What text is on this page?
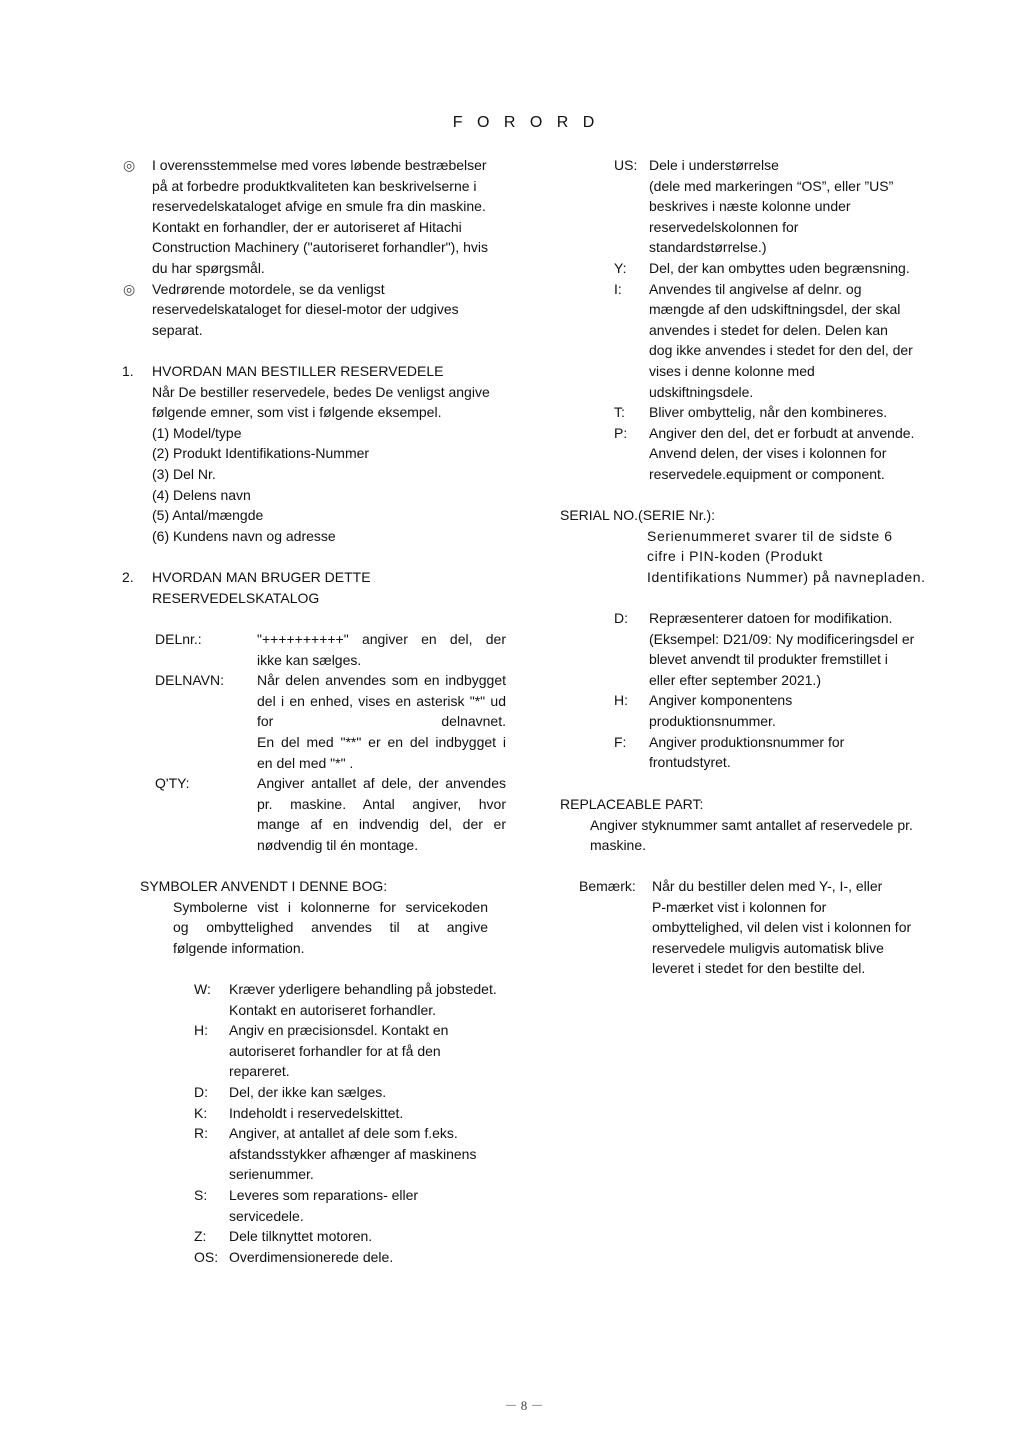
F O R O R D
◎ I overensstemmelse med vores løbende bestræbelser
på at forbedre produktkvaliteten kan beskrivelserne i
reservedelskataloget afvige en smule fra din maskine.
Kontakt en forhandler, der er autoriseret af Hitachi
Construction Machinery ("autoriseret forhandler"), hvis
du har spørgsmål.
◎ Vedrørende motordele, se da venligst
reservedelskataloget for diesel-motor der udgives
separat.
1. HVORDAN MAN BESTILLER RESERVEDELE
Når De bestiller reservedele, bedes De venligst angive
følgende emner, som vist i følgende eksempel.
(1) Model/type
(2) Produkt Identifikations-Nummer
(3) Del Nr.
(4) Delens navn
(5) Antal/mængde
(6) Kundens navn og adresse
2. HVORDAN MAN BRUGER DETTE
RESERVEDELSKATALOG
DELnr.:	"++++++++++" angiver en del, der
ikke kan sælges.
DELNAVN: Når delen anvendes som en indbygget
del i en enhed, vises en asterisk "*" ud
for delnavnet.
En del med "**" er en del indbygget i
en del med "*" .
Q'TY:	Angiver antallet af dele, der anvendes
pr. maskine. Antal angiver, hvor
mange af en indvendig del, der er
nødvendig til én montage.
SYMBOLER ANVENDT I DENNE BOG:
Symbolerne vist i kolonnerne for servicekoden
og ombyttelighed anvendes til at angive
følgende information.
W: Kræver yderligere behandling på jobstedet.
Kontakt en autoriseret forhandler.
H: Angiv en præcisionsdel. Kontakt en
autoriseret forhandler for at få den
repareret.
D: Del, der ikke kan sælges.
K: Indeholdt i reservedelskittet.
R: Angiver, at antallet af dele som f.eks.
afstandsstykker afhænger af maskinens
serienummer.
S: Leveres som reparations- eller
servicedele.
Z: Dele tilknyttet motoren.
OS: Overdimensionerede dele.
US: Dele i understørrelse
(dele med markeringen “OS”, eller ”US”
beskrives i næste kolonne under
reservedelskolonnen for
standardstørrelse.)
Y: Del, der kan ombyttes uden begrænsning.
I: Anvendes til angivelse af delnr. og
mængde af den udskiftningsdel, der skal
anvendes i stedet for delen. Delen kan
dog ikke anvendes i stedet for den del, der
vises i denne kolonne med
udskiftningsdele.
T: Bliver ombyttelig, når den kombineres.
P: Angiver den del, det er forbudt at anvende.
Anvend delen, der vises i kolonnen for
reservedele.equipment or component.
SERIAL NO.(SERIE Nr.):
Serienummeret svarer til de sidste 6
cifre i PIN-koden (Produkt
Identifikations Nummer) på navnepladen.
D: Repræsenterer datoen for modifikation.
(Eksempel: D21/09: Ny modificeringsdel er
blevet anvendt til produkter fremstillet i
eller efter september 2021.)
H: Angiver komponentens
produktionsnummer.
F: Angiver produktionsnummer for
frontudstyret.
REPLACEABLE PART:
Angiver styknummer samt antallet af reservedele pr.
maskine.
Bemærk: Når du bestiller delen med Y-, I-, eller
P-mærket vist i kolonnen for
ombyttelighed, vil delen vist i kolonnen for
reservedele muligvis automatisk blive
leveret i stedet for den bestilte del.
－ 8 －
